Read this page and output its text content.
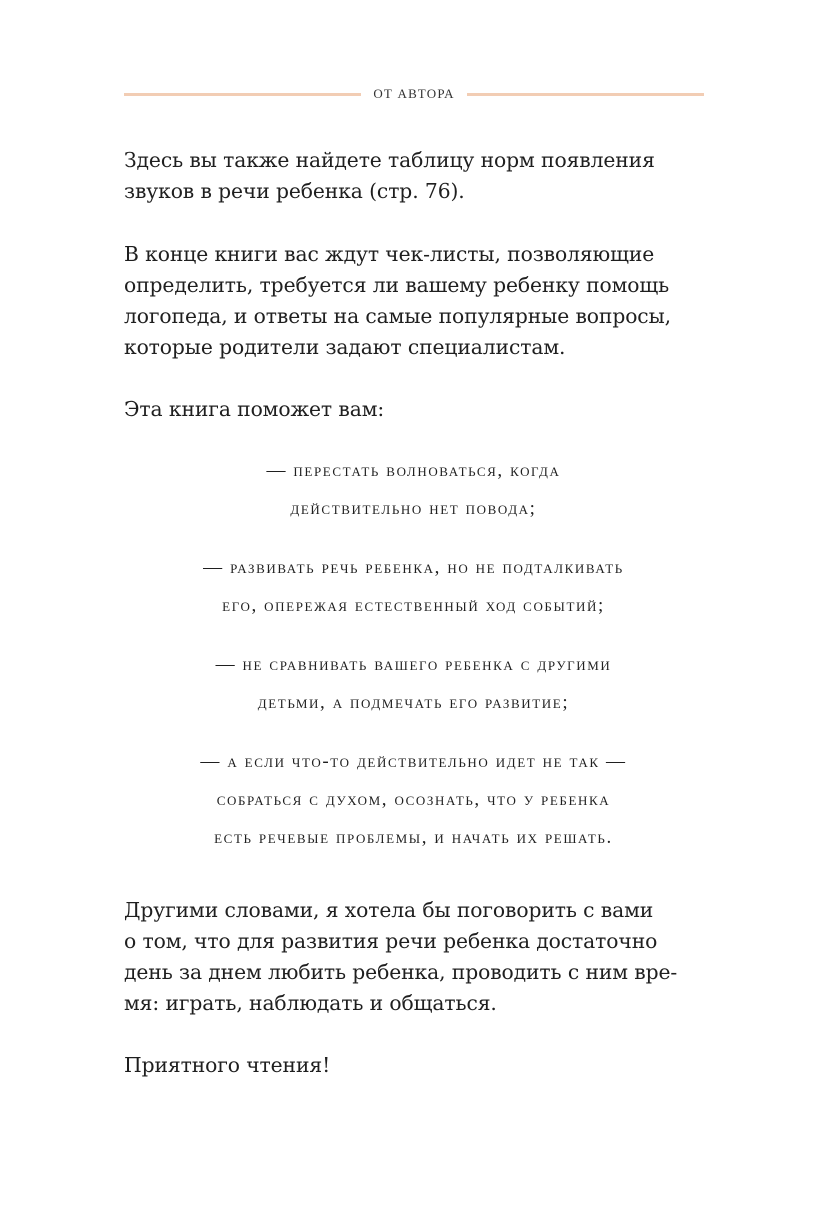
ОТ АВТОРА

Здесь вы также найдете таблицу норм появления
звуков в речи ребенка (стр. 76).

В конце книги вас ждут чек-листы, позволяющие
определить, требуется ли вашему ребенку помощь
логопеда, и ответы на самые популярные вопросы,
которые родители задают специалистам.

Эта книга поможет вам:

— перестать волноваться, когда
действительно нет повода;
— развивать речь ребенка, но не подталкивать
его, опережая естественный ход событий;
— не сравнивать вашего ребенка с другими
детьми, а подмечать его развитие;
— а если что-то действительно идет не так —
собраться с духом, осознать, что у ребенка
есть речевые проблемы, и начать их решать.

Другими словами, я хотела бы поговорить с вами
о том, что для развития речи ребенка достаточно
день за днем любить ребенка, проводить с ним вре-
мя: играть, наблюдать и общаться.

Приятного чтения!
